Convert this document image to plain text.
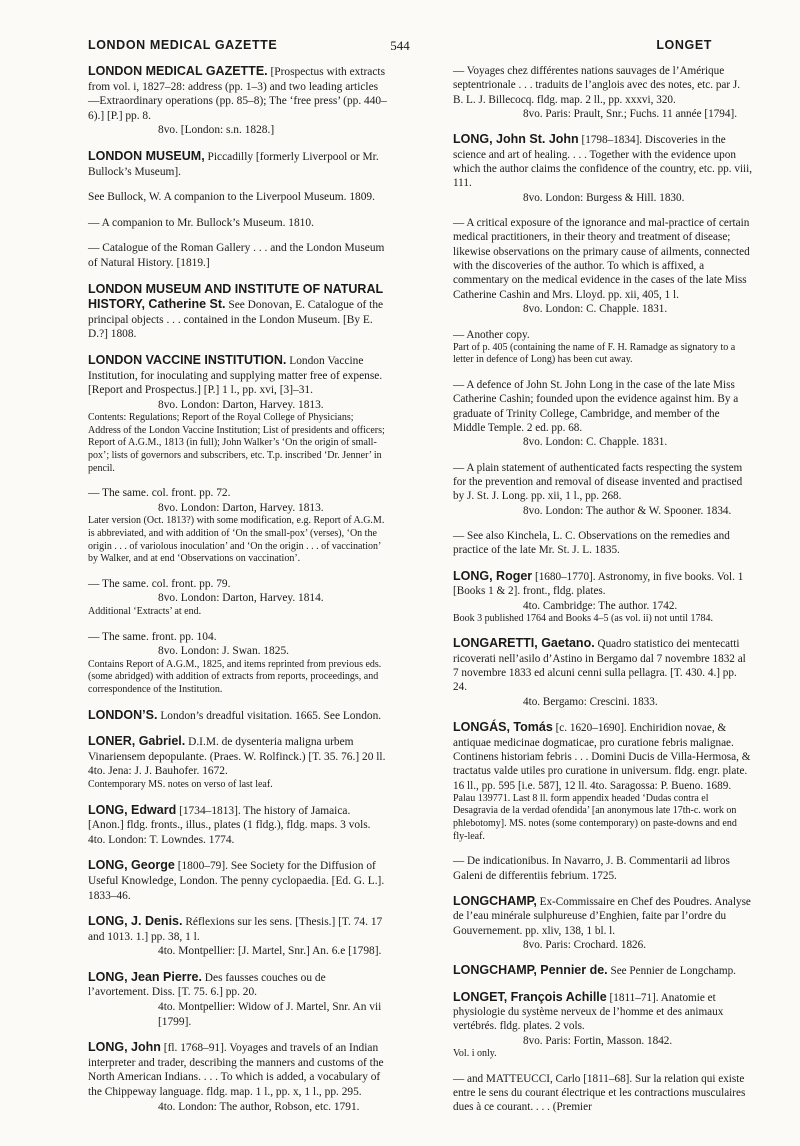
LONDON MEDICAL GAZETTE	544	LONGET

LONDON MEDICAL GAZETTE. [Prospectus with extracts from vol. i, 1827–28: address (pp. 1–3) and two leading articles—Extraordinary operations (pp. 85–8); The ‘free press’ (pp. 440–6).] [P.] pp. 8.

8vo. [London: s.n. 1828.]

LONDON MUSEUM, Piccadilly [formerly Liverpool or Mr. Bullock’s Museum].

See Bullock, W. A companion to the Liverpool Museum. 1809.

— A companion to Mr. Bullock’s Museum. 1810.

— Catalogue of the Roman Gallery . . . and the London Museum of Natural History. [1819.]

LONDON MUSEUM AND INSTITUTE OF NATURAL HISTORY, Catherine St. See Donovan, E. Catalogue of the principal objects . . . contained in the London Museum. [By E. D.?] 1808.

LONDON VACCINE INSTITUTION. London Vaccine Institution, for inoculating and supplying matter free of expense. [Report and Prospectus.] [P.] 1 l., pp. xvi, [3]–31.

8vo. London: Darton, Harvey. 1813.

Contents: Regulations; Report of the Royal College of Physicians; Address of the London Vaccine Institution; List of presidents and officers; Report of A.G.M., 1813 (in full); John Walker’s ‘On the origin of small-pox’; lists of governors and subscribers, etc. T.p. inscribed ‘Dr. Jenner’ in pencil.

— The same. col. front. pp. 72.

8vo. London: Darton, Harvey. 1813.

Later version (Oct. 1813?) with some modification, e.g. Report of A.G.M. is abbreviated, and with addition of ‘On the small-pox’ (verses), ‘On the origin . . . of variolous inoculation’ and ‘On the origin . . . of vaccination’ by Walker, and at end ‘Observations on vaccination’.

— The same. col. front. pp. 79.

8vo. London: Darton, Harvey. 1814.

Additional ‘Extracts’ at end.

— The same. front. pp. 104.

8vo. London: J. Swan. 1825.

Contains Report of A.G.M., 1825, and items reprinted from previous eds. (some abridged) with addition of extracts from reports, proceedings, and correspondence of the Institution.

LONDON’S. London’s dreadful visitation. 1665. See London.

LONER, Gabriel. D.I.M. de dysenteria maligna urbem Vinariensem depopulante. (Praes. W. Rolfinck.) [T. 35. 76.] 20 ll. 4to. Jena: J. J. Bauhofer. 1672.

Contemporary MS. notes on verso of last leaf.

LONG, Edward [1734–1813]. The history of Jamaica. [Anon.] fldg. fronts., illus., plates (1 fldg.), fldg. maps. 3 vols. 4to. London: T. Lowndes. 1774.

LONG, George [1800–79]. See Society for the Diffusion of Useful Knowledge, London. The penny cyclopaedia. [Ed. G. L.]. 1833–46.

LONG, J. Denis. Réflexions sur les sens. [Thesis.] [T. 74. 17 and 1013. 1.] pp. 38, 1 l.

4to. Montpellier: [J. Martel, Snr.] An. 6.e [1798].

LONG, Jean Pierre. Des fausses couches ou de l’avortement. Diss. [T. 75. 6.] pp. 20.

4to. Montpellier: Widow of J. Martel, Snr. An vii [1799].

LONG, John [fl. 1768–91]. Voyages and travels of an Indian interpreter and trader, describing the manners and customs of the North American Indians. . . . To which is added, a vocabulary of the Chippeway language. fldg. map. 1 l., pp. x, 1 l., pp. 295.

4to. London: The author, Robson, etc. 1791.

— Voyages chez différentes nations sauvages de l’Amérique septentrionale . . . traduits de l’anglois avec des notes, etc. par J. B. L. J. Billecocq. fldg. map. 2 ll., pp. xxxvi, 320.

8vo. Paris: Prault, Snr.; Fuchs. 11 année [1794].

LONG, John St. John [1798–1834]. Discoveries in the science and art of healing. . . . Together with the evidence upon which the author claims the confidence of the country, etc. pp. viii, 111.

8vo. London: Burgess & Hill. 1830.

— A critical exposure of the ignorance and mal-practice of certain medical practitioners, in their theory and treatment of disease; likewise observations on the primary cause of ailments, connected with the discoveries of the author. To which is affixed, a commentary on the medical evidence in the cases of the late Miss Catherine Cashin and Mrs. Lloyd. pp. xii, 405, 1 l.

8vo. London: C. Chapple. 1831.

— Another copy.

Part of p. 405 (containing the name of F. H. Ramadge as signatory to a letter in defence of Long) has been cut away.

— A defence of John St. John Long in the case of the late Miss Catherine Cashin; founded upon the evidence against him. By a graduate of Trinity College, Cambridge, and member of the Middle Temple. 2 ed. pp. 68.

8vo. London: C. Chapple. 1831.

— A plain statement of authenticated facts respecting the system for the prevention and removal of disease invented and practised by J. St. J. Long. pp. xii, 1 l., pp. 268.

8vo. London: The author & W. Spooner. 1834.

— See also Kinchela, L. C. Observations on the remedies and practice of the late Mr. St. J. L. 1835.

LONG, Roger [1680–1770]. Astronomy, in five books. Vol. 1 [Books 1 & 2]. front., fldg. plates.

4to. Cambridge: The author. 1742.

Book 3 published 1764 and Books 4–5 (as vol. ii) not until 1784.

LONGARETTI, Gaetano. Quadro statistico dei mentecatti ricoverati nell’asilo d’Astino in Bergamo dal 7 novembre 1832 al 7 novembre 1833 ed alcuni cenni sulla pellagra. [T. 430. 4.] pp. 24.

4to. Bergamo: Crescini. 1833.

LONGÁS, Tomás [c. 1620–1690]. Enchiridion novae, & antiquae medicinae dogmaticae, pro curatione febris malignae. Continens historiam febris . . . Domini Ducis de Villa-Hermosa, & tractatus valde utiles pro curatione in universum. fldg. engr. plate. 16 ll., pp. 595 [i.e. 587], 12 ll. 4to. Saragossa: P. Bueno. 1689.

Palau 139771. Last 8 ll. form appendix headed ‘Dudas contra el Desagravia de la verdad ofendida’ [an anonymous late 17th-c. work on phlebotomy]. MS. notes (some contemporary) on paste-downs and end fly-leaf.

— De indicationibus. In Navarro, J. B. Commentarii ad libros Galeni de differentiis febrium. 1725.

LONGCHAMP, Ex-Commissaire en Chef des Poudres. Analyse de l’eau minérale sulphureuse d’Enghien, faite par l’ordre du Gouvernement. pp. xliv, 138, 1 bl. l.

8vo. Paris: Crochard. 1826.

LONGCHAMP, Pennier de. See Pennier de Longchamp.

LONGET, François Achille [1811–71]. Anatomie et physiologie du système nerveux de l’homme et des animaux vertébrés. fldg. plates. 2 vols.

8vo. Paris: Fortin, Masson. 1842.

Vol. i only.

— and MATTEUCCI, Carlo [1811–68]. Sur la relation qui existe entre le sens du courant électrique et les contractions musculaires dues à ce courant. . . . (Premier
